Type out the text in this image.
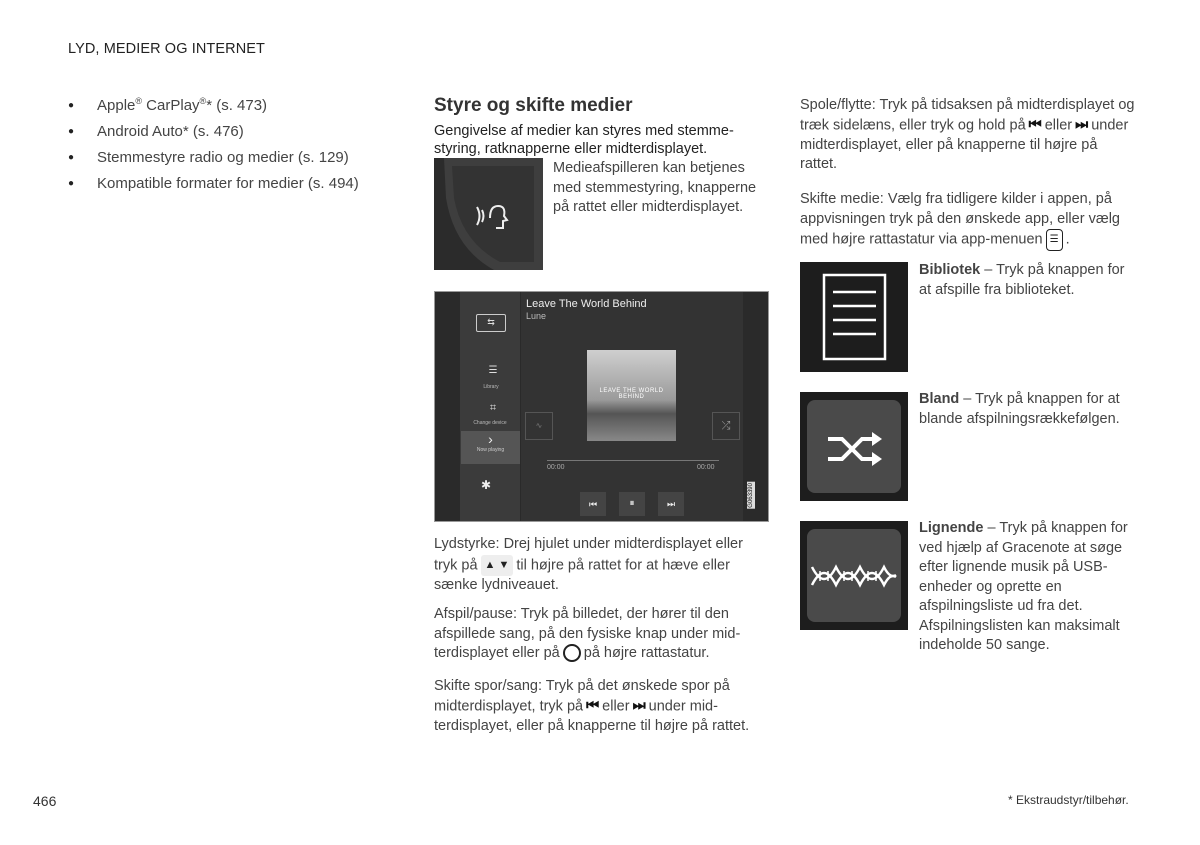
LYD, MEDIER OG INTERNET
● Apple® CarPlay®* (s. 473)
● Android Auto* (s. 476)
● Stemmestyre radio og medier (s. 129)
● Kompatible formater for medier (s. 494)
Styre og skifte medier
Gengivelse af medier kan styres med stemme-styring, ratknapperne eller midterdisplayet.
Medieafspilleren kan betjenes med stemmestyring, knapperne på rattet eller midterdisplayet.
⇆
☰
Library
⌗
Change device
›
Now playing
✱
Leave The World Behind
Lune
LEAVE THE WORLD BEHIND
∿	⤮
00:00	00:00
⏮	⏸	⏭	G063390
Lydstyrke: Drej hjulet under midterdisplayet eller tryk på ▲ ▼ til højre på rattet for at hæve eller sænke lydniveauet.
Afspil/pause: Tryk på billedet, der hører til den afspillede sang, på den fysiske knap under mid-terdisplayet eller på på højre rattastatur.
Skifte spor/sang: Tryk på det ønskede spor på midterdisplayet, tryk på ⏮ eller ⏭ under mid-terdisplayet, eller på knapperne til højre på rattet.
Spole/flytte: Tryk på tidsaksen på midterdisplayet og træk sidelæns, eller tryk og hold på ⏮ eller ⏭ under midterdisplayet, eller på knapperne til højre på rattet.
Skifte medie: Vælg fra tidligere kilder i appen, på appvisningen tryk på den ønskede app, eller vælg med højre rattastatur via app-menuen ☰ .
Bibliotek – Tryk på knappen for at afspille fra biblioteket.
Bland – Tryk på knappen for at blande afspilningsrækkefølgen.
Lignende – Tryk på knappen for ved hjælp af Gracenote at søge efter lignende musik på USB-enheder og oprette en afspilningsliste ud fra det. Afspilningslisten kan maksimalt indeholde 50 sange.
466	* Ekstraudstyr/tilbehør.
